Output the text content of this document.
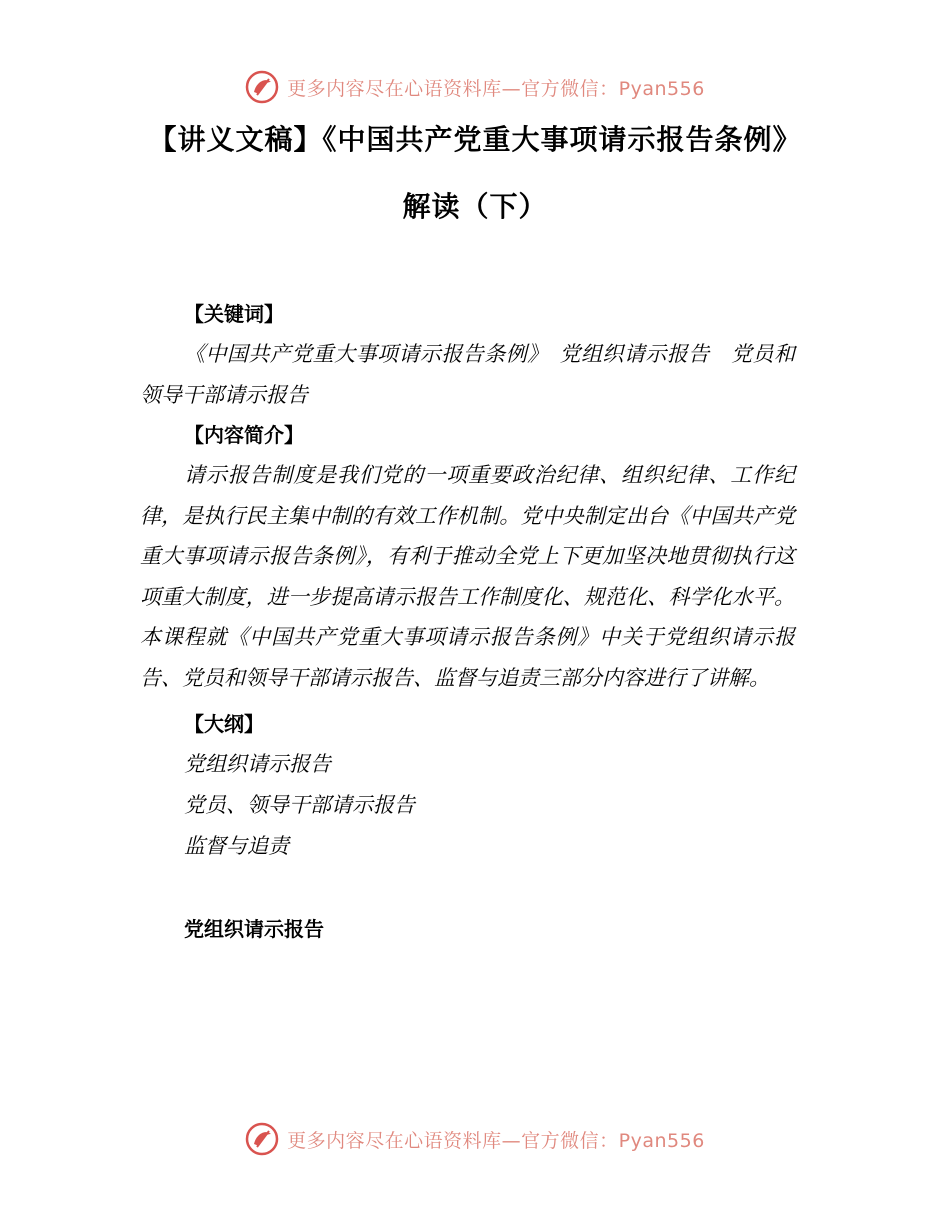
更多内容尽在心语资料库—官方微信：Pyan556
【讲义文稿】《中国共产党重大事项请示报告条例》
解读（下）
【关键词】

《中国共产党重大事项请示报告条例》　党组织请示报告　党员和领导干部请示报告

【内容简介】

请示报告制度是我们党的一项重要政治纪律、组织纪律、工作纪律，是执行民主集中制的有效工作机制。党中央制定出台《中国共产党重大事项请示报告条例》，有利于推动全党上下更加坚决地贯彻执行这项重大制度，进一步提高请示报告工作制度化、规范化、科学化水平。本课程就《中国共产党重大事项请示报告条例》中关于党组织请示报告、党员和领导干部请示报告、监督与追责三部分内容进行了讲解。

【大纲】
党组织请示报告
党员、领导干部请示报告
监督与追责
党组织请示报告
更多内容尽在心语资料库—官方微信：Pyan556
